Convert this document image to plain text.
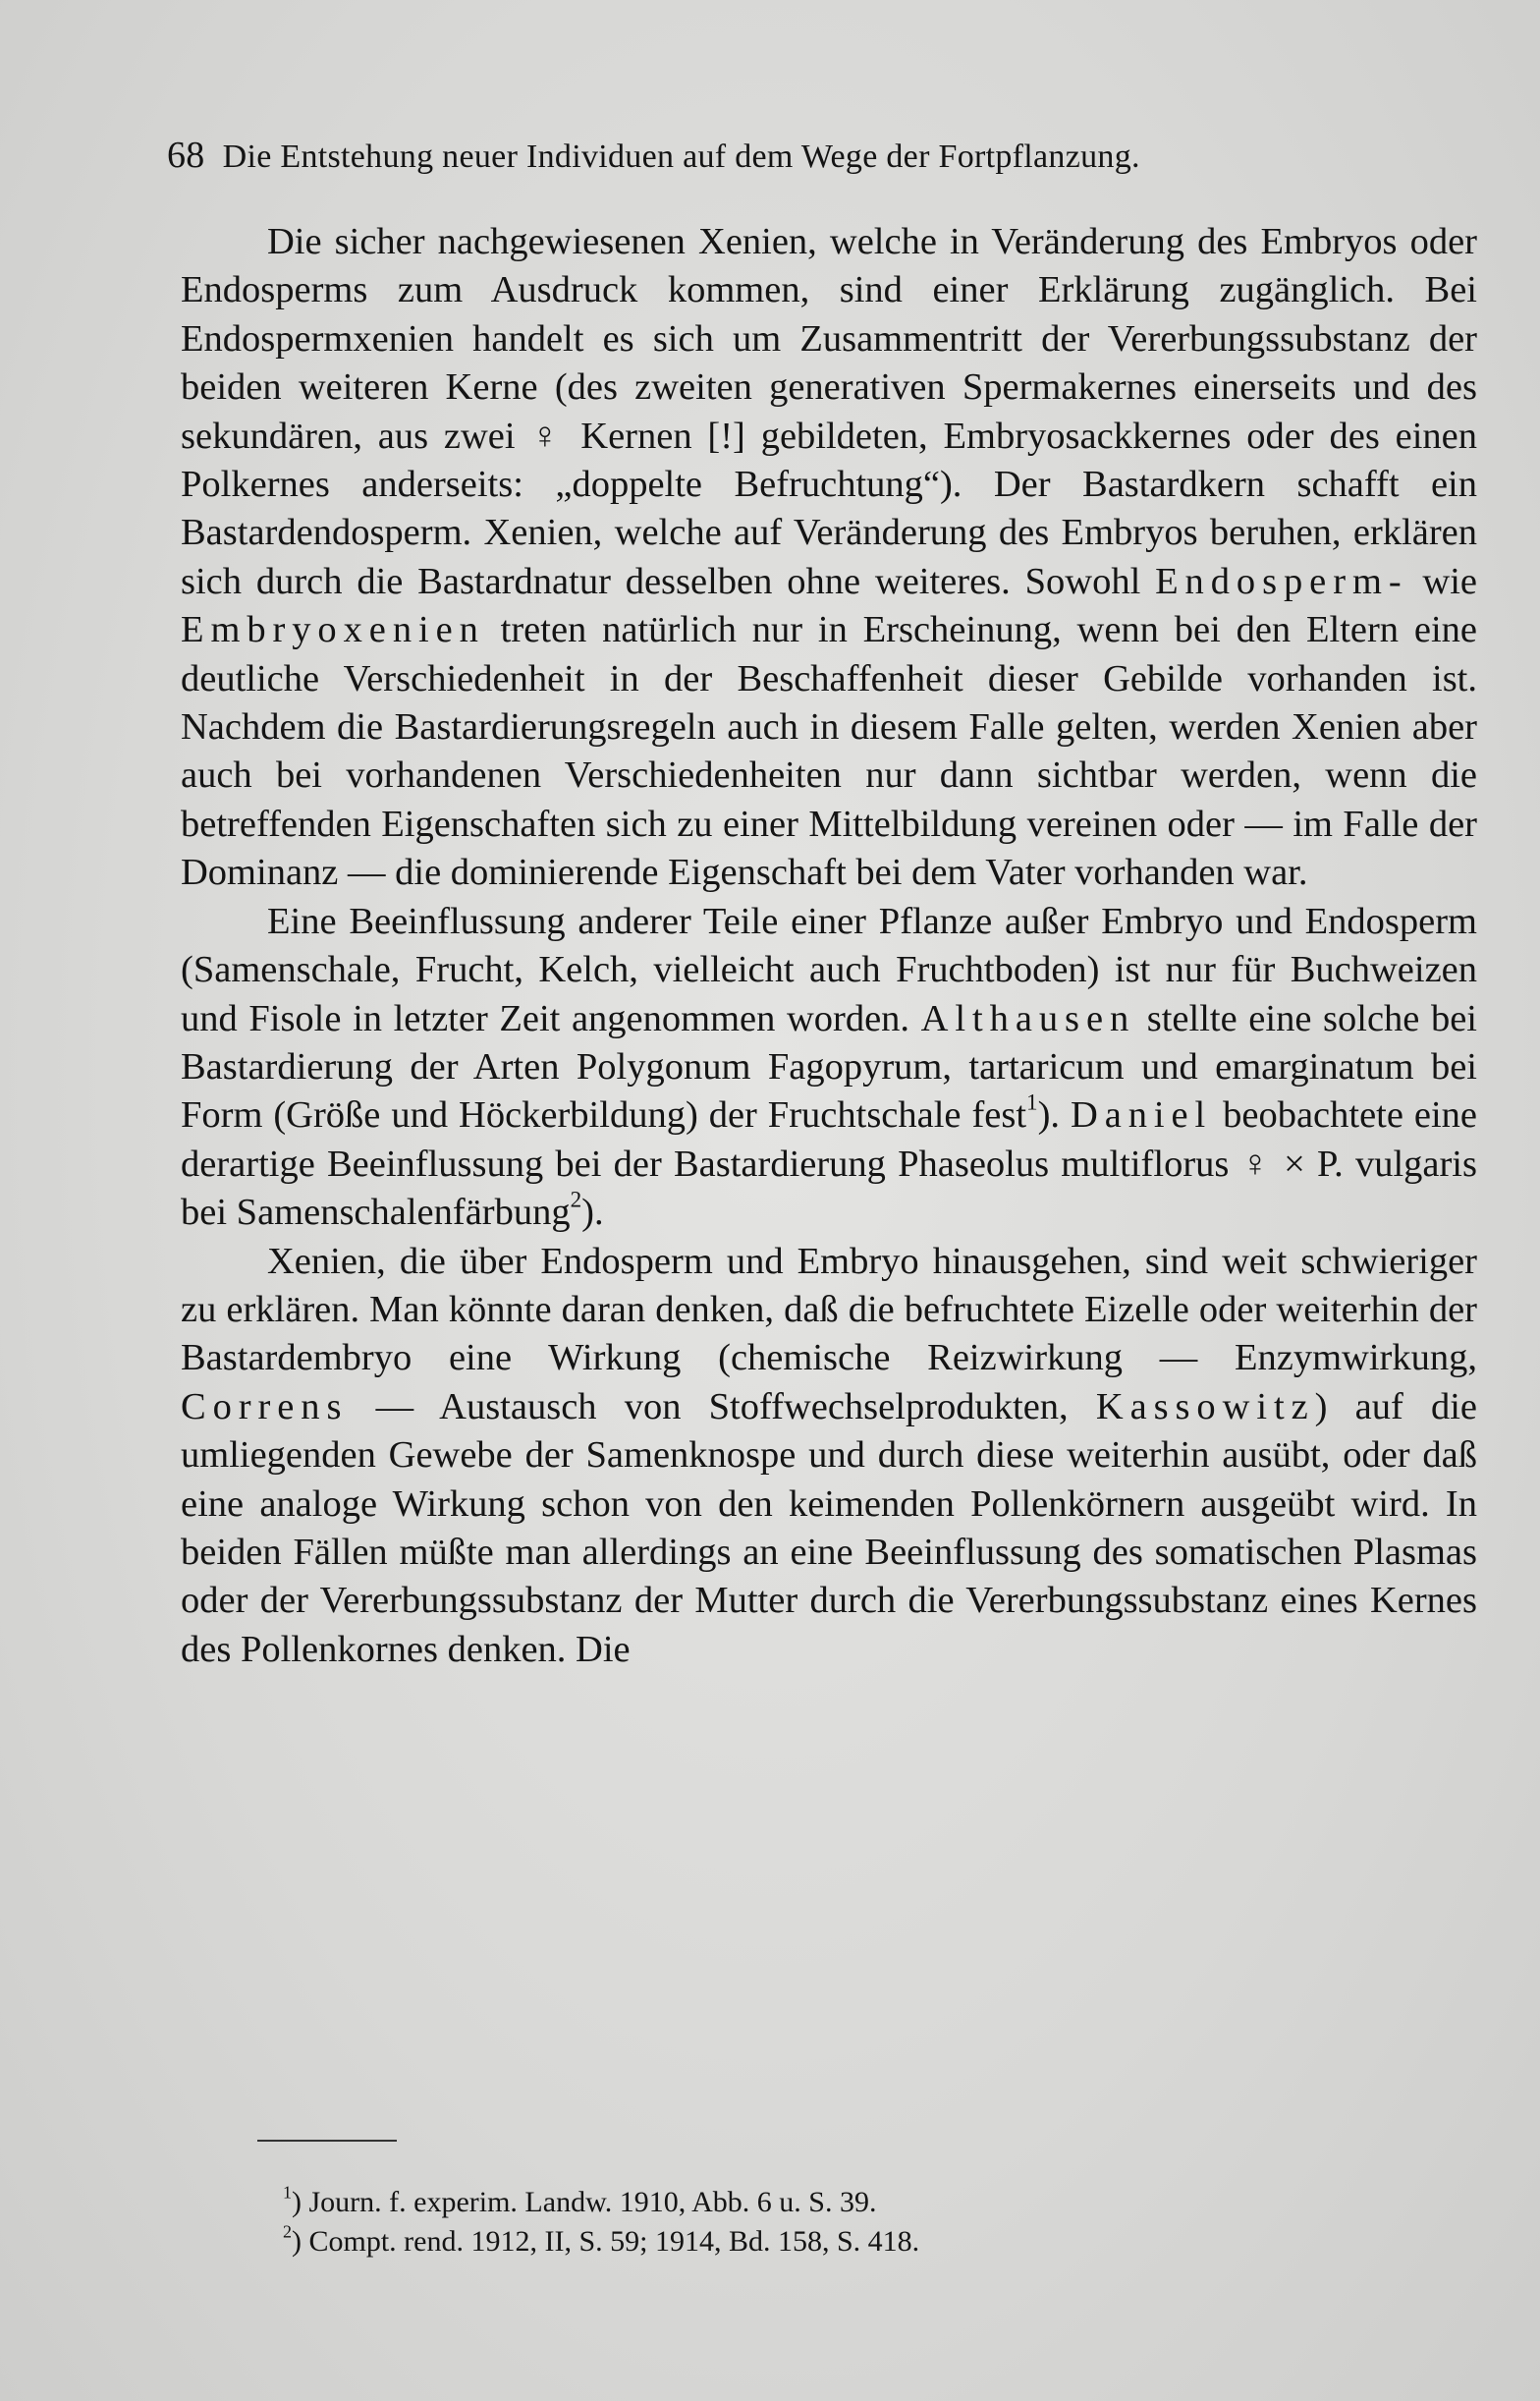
68 Die Entstehung neuer Individuen auf dem Wege der Fortpflanzung.

Die sicher nachgewiesenen Xenien, welche in Veränderung des Embryos oder Endosperms zum Ausdruck kommen, sind einer Erklärung zugänglich. Bei Endospermxenien handelt es sich um Zusammentritt der Vererbungssubstanz der beiden weiteren Kerne (des zweiten generativen Spermakernes einerseits und des sekundären, aus zwei ♀ Kernen [!] gebildeten, Embryosackkernes oder des einen Polkernes anderseits: „doppelte Befruchtung“). Der Bastardkern schafft ein Bastardendosperm. Xenien, welche auf Veränderung des Embryos beruhen, erklären sich durch die Bastardnatur desselben ohne weiteres. Sowohl Endosperm- wie Embryoxenien treten natürlich nur in Erscheinung, wenn bei den Eltern eine deutliche Verschiedenheit in der Beschaffenheit dieser Gebilde vorhanden ist. Nachdem die Bastardierungsregeln auch in diesem Falle gelten, werden Xenien aber auch bei vorhandenen Verschiedenheiten nur dann sichtbar werden, wenn die betreffenden Eigenschaften sich zu einer Mittelbildung vereinen oder — im Falle der Dominanz — die dominierende Eigenschaft bei dem Vater vorhanden war.

Eine Beeinflussung anderer Teile einer Pflanze außer Embryo und Endosperm (Samenschale, Frucht, Kelch, vielleicht auch Fruchtboden) ist nur für Buchweizen und Fisole in letzter Zeit angenommen worden. Althausen stellte eine solche bei Bastardierung der Arten Polygonum Fagopyrum, tartaricum und emarginatum bei Form (Größe und Höckerbildung) der Fruchtschale fest$^1$). Daniel beobachtete eine derartige Beeinflussung bei der Bastardierung Phaseolus multiflorus ♀ × P. vulgaris bei Samenschalenfärbung$^2$).

Xenien, die über Endosperm und Embryo hinausgehen, sind weit schwieriger zu erklären. Man könnte daran denken, daß die befruchtete Eizelle oder weiterhin der Bastardembryo eine Wirkung (chemische Reizwirkung — Enzymwirkung, Correns — Austausch von Stoffwechselprodukten, Kassowitz) auf die umliegenden Gewebe der Samenknospe und durch diese weiterhin ausübt, oder daß eine analoge Wirkung schon von den keimenden Pollenkörnern ausgeübt wird. In beiden Fällen müßte man allerdings an eine Beeinflussung des somatischen Plasmas oder der Vererbungssubstanz der Mutter durch die Vererbungssubstanz eines Kernes des Pollenkornes denken. Die

$^1$) Journ. f. experim. Landw. 1910, Abb. 6 u. S. 39.
$^2$) Compt. rend. 1912, II, S. 59; 1914, Bd. 158, S. 418.
